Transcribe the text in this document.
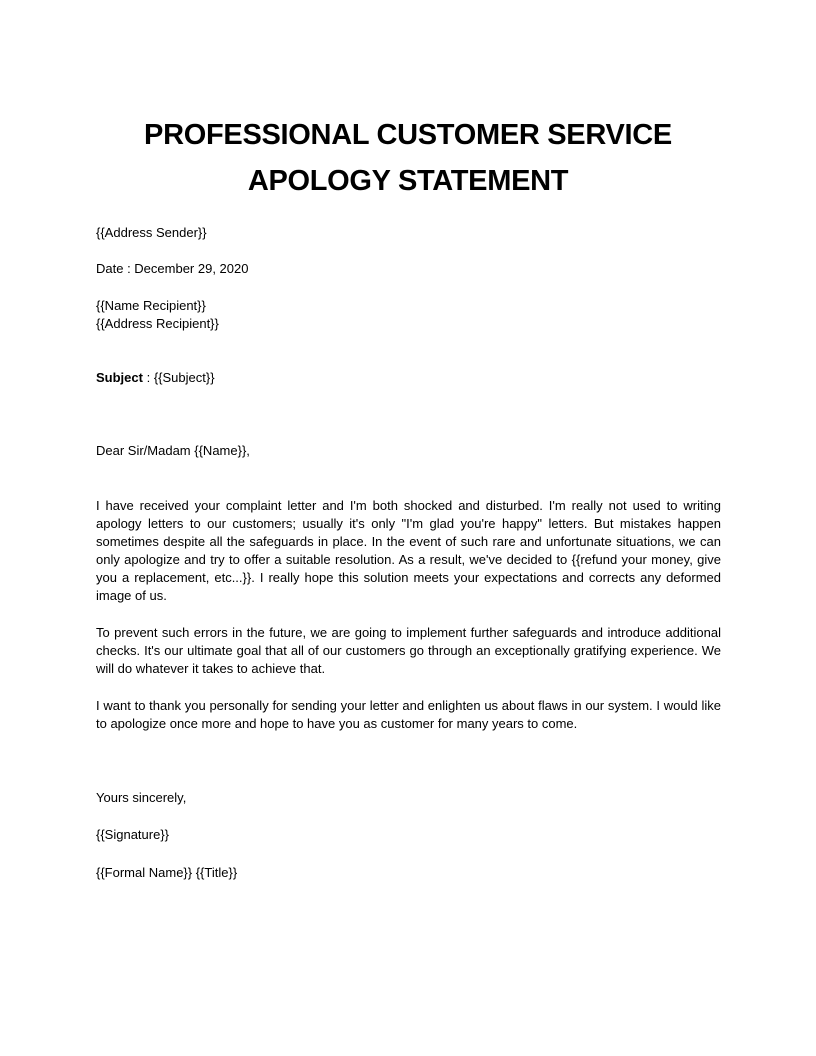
PROFESSIONAL CUSTOMER SERVICE
APOLOGY STATEMENT

{{Address Sender}}

Date : December 29, 2020

{{Name Recipient}}

{{Address Recipient}}

Subject : {{Subject}}

Dear Sir/Madam {{Name}},

I have received your complaint letter and I'm both shocked and disturbed. I'm really not used to writing apology letters to our customers; usually it's only "I'm glad you're happy" letters. But mistakes happen sometimes despite all the safeguards in place. In the event of such rare and unfortunate situations, we can only apologize and try to offer a suitable resolution. As a result, we've decided to {{refund your money, give you a replacement, etc...}}. I really hope this solution meets your expectations and corrects any deformed image of us.

To prevent such errors in the future, we are going to implement further safeguards and introduce additional checks. It's our ultimate goal that all of our customers go through an exceptionally gratifying experience. We will do whatever it takes to achieve that.

I want to thank you personally for sending your letter and enlighten us about flaws in our system. I would like to apologize once more and hope to have you as customer for many years to come.

Yours sincerely,

{{Signature}}

{{Formal Name}} {{Title}}
